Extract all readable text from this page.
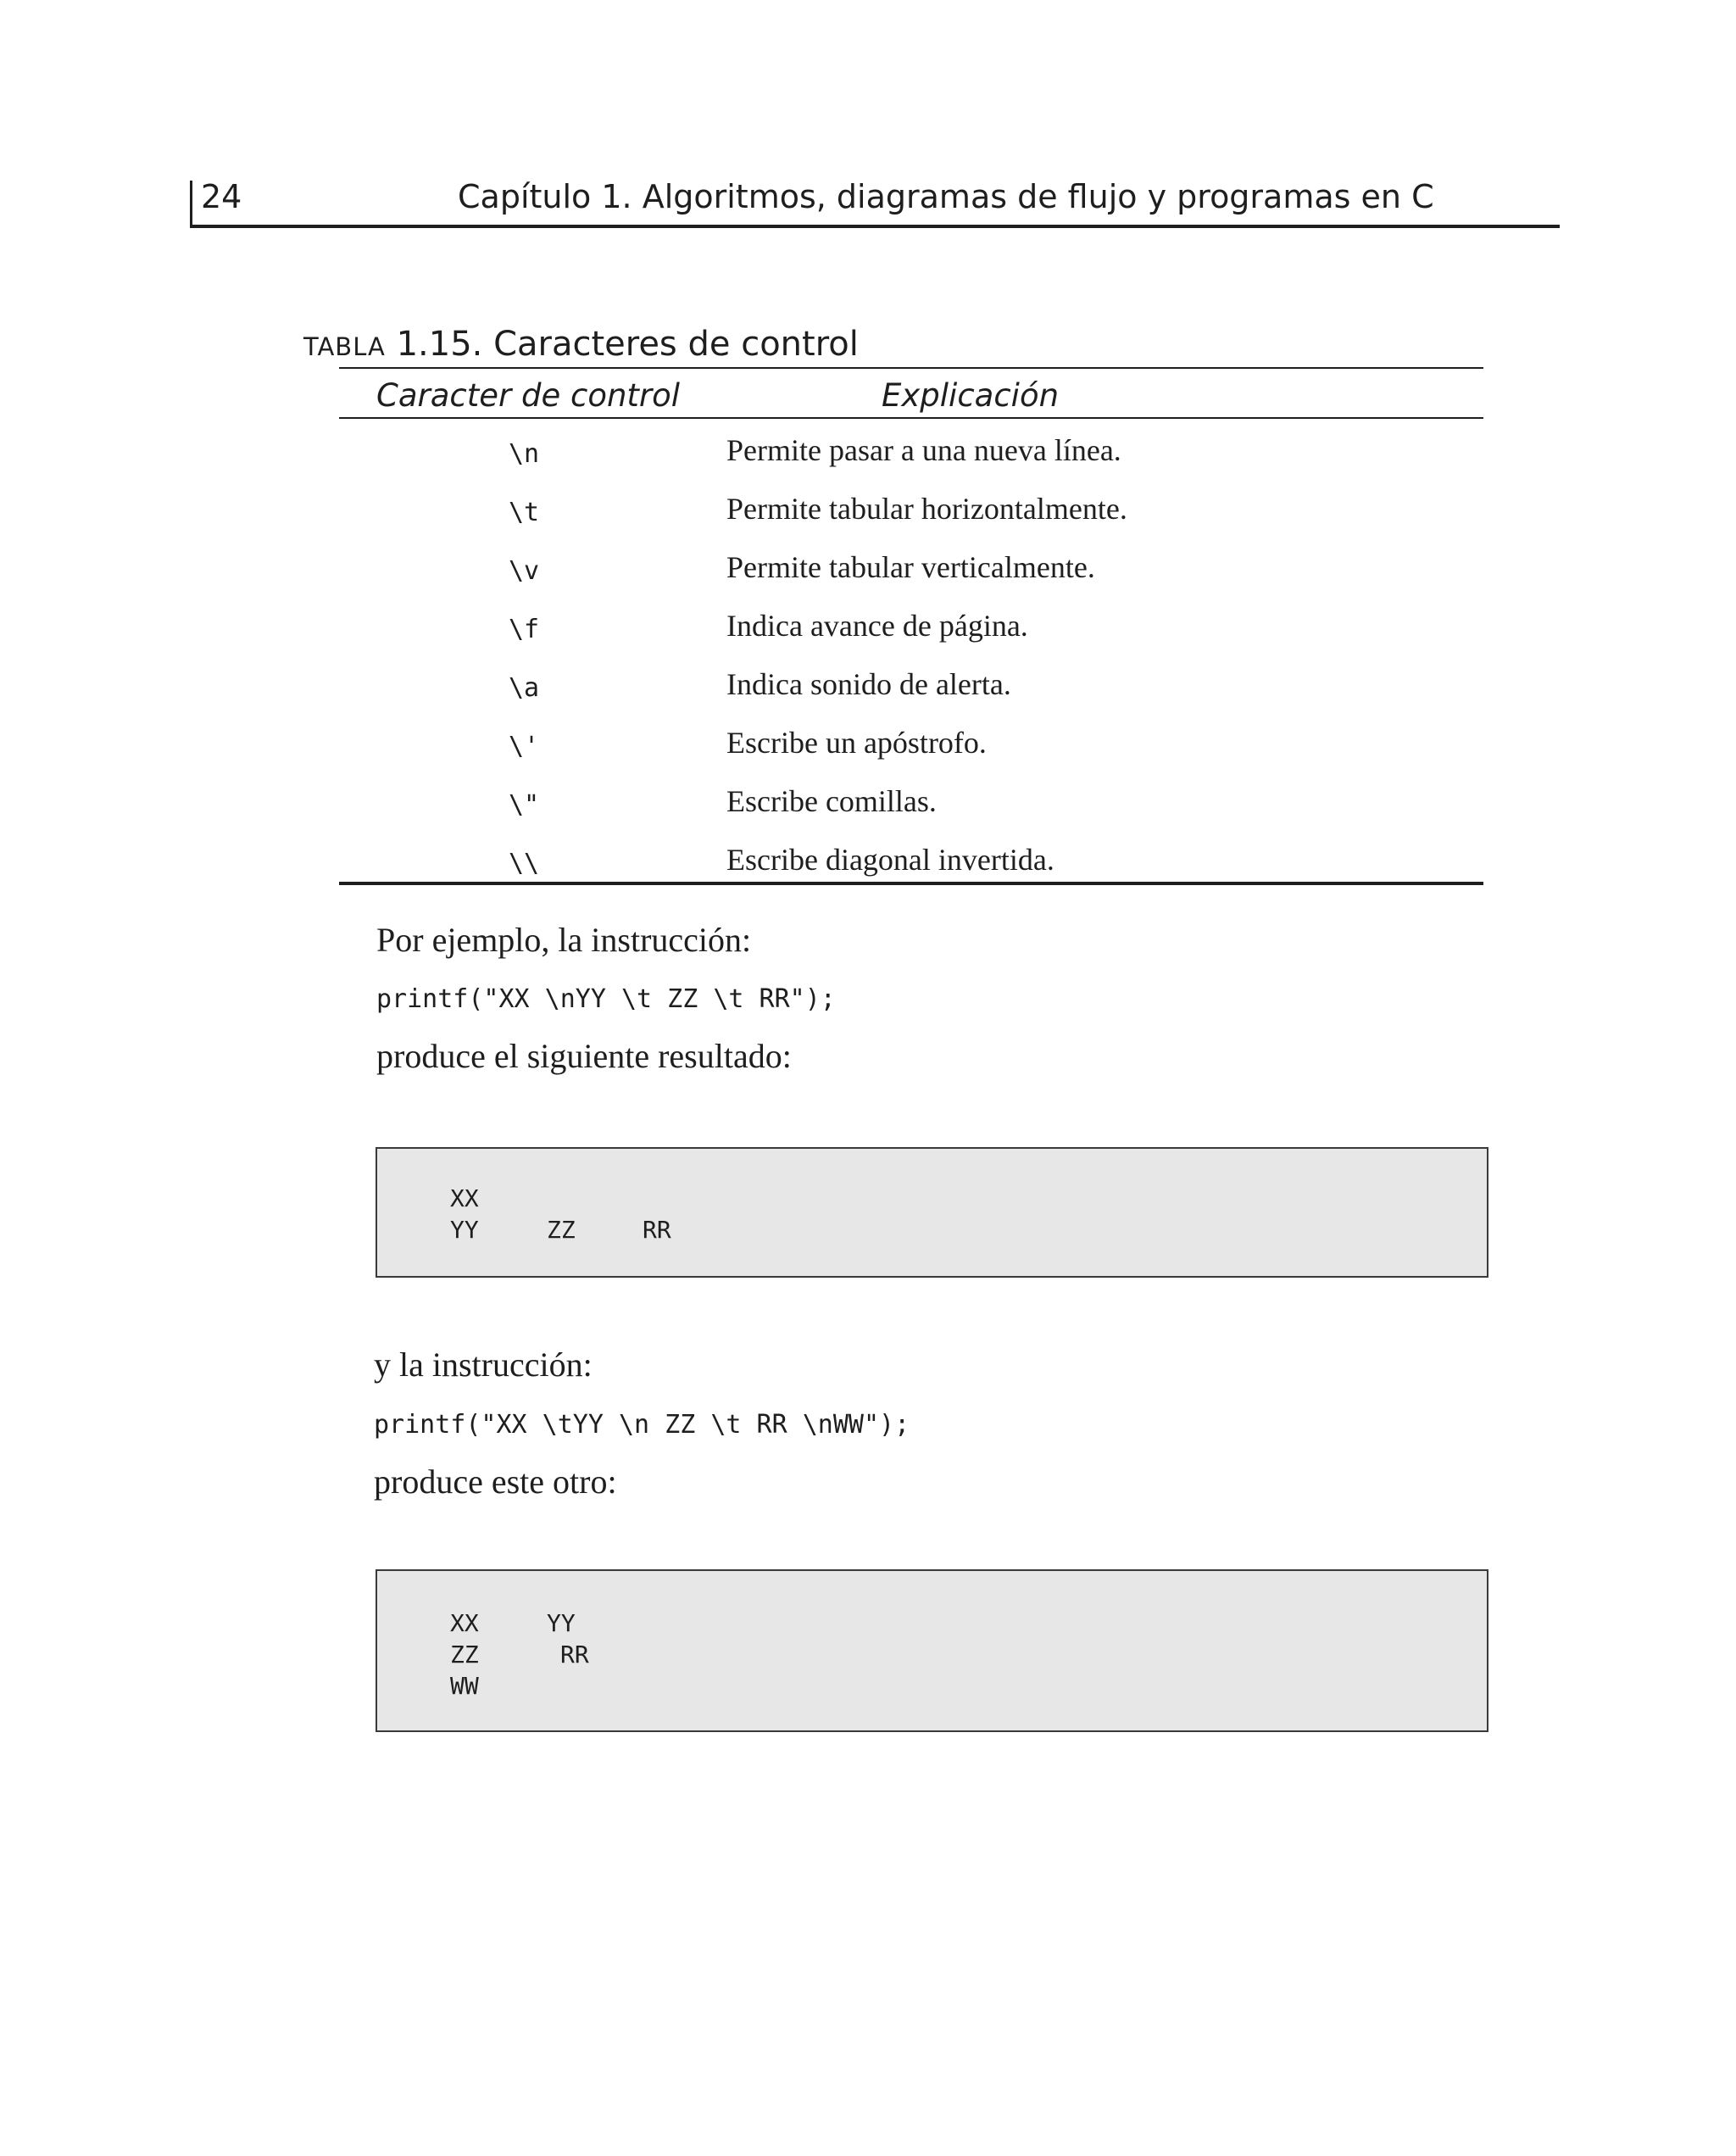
24	Capítulo 1. Algoritmos, diagramas de flujo y programas en C
TABLA 1.15. Caracteres de control
Caracter de control	Explicación
\n	Permite pasar a una nueva línea.
\t	Permite tabular horizontalmente.
\v	Permite tabular verticalmente.
\f	Indica avance de página.
\a	Indica sonido de alerta.
\'	Escribe un apóstrofo.
\"	Escribe comillas.
\\	Escribe diagonal invertida.
Por ejemplo, la instrucción:
printf("XX \nYY \t ZZ \t RR");
produce el siguiente resultado:
XX
YY	ZZ	RR
y la instrucción:
printf("XX \tYY \n ZZ \t RR \nWW");
produce este otro:
XX	YY
ZZ	RR
WW
